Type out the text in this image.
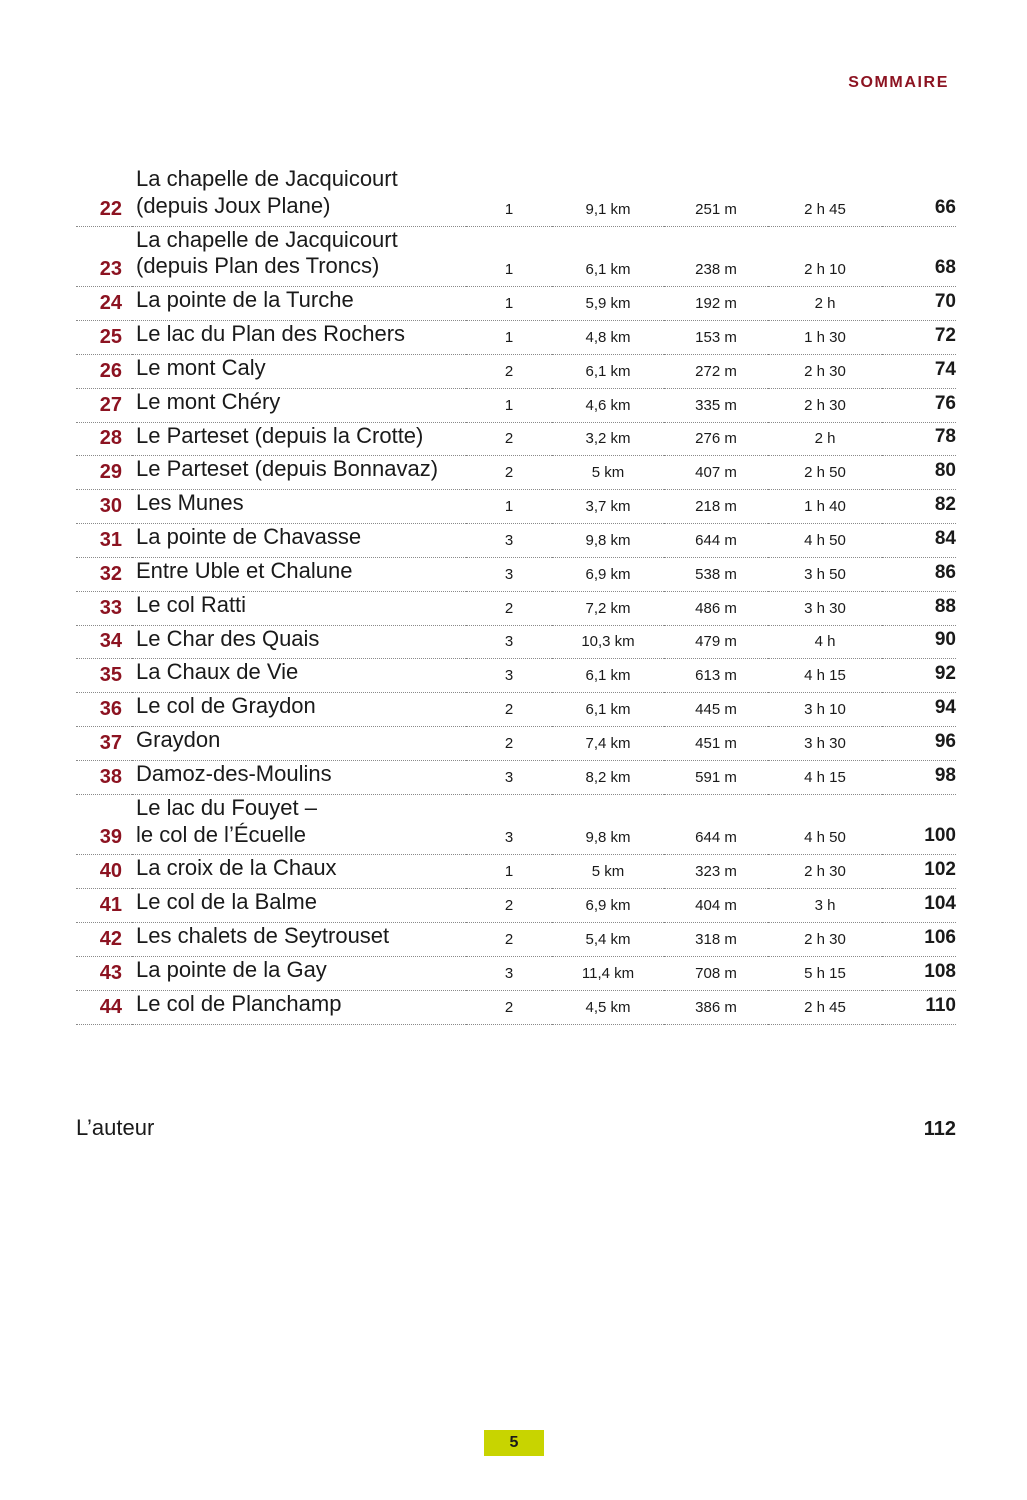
SOMMAIRE
22	La chapelle de Jacquicourt
(depuis Joux Plane)	1	9,1 km	251 m	2 h 45	66
23	La chapelle de Jacquicourt
(depuis Plan des Troncs)	1	6,1 km	238 m	2 h 10	68
24	La pointe de la Turche	1	5,9 km	192 m	2 h	70
25	Le lac du Plan des Rochers	1	4,8 km	153 m	1 h 30	72
26	Le mont Caly	2	6,1 km	272 m	2 h 30	74
27	Le mont Chéry	1	4,6 km	335 m	2 h 30	76
28	Le Parteset (depuis la Crotte)	2	3,2 km	276 m	2 h	78
29	Le Parteset (depuis Bonnavaz)	2	5 km	407 m	2 h 50	80
30	Les Munes	1	3,7 km	218 m	1 h 40	82
31	La pointe de Chavasse	3	9,8 km	644 m	4 h 50	84
32	Entre Uble et Chalune	3	6,9 km	538 m	3 h 50	86
33	Le col Ratti	2	7,2 km	486 m	3 h 30	88
34	Le Char des Quais	3	10,3 km	479 m	4 h	90
35	La Chaux de Vie	3	6,1 km	613 m	4 h 15	92
36	Le col de Graydon	2	6,1 km	445 m	3 h 10	94
37	Graydon	2	7,4 km	451 m	3 h 30	96
38	Damoz-des-Moulins	3	8,2 km	591 m	4 h 15	98
39	Le lac du Fouyet –
le col de l’Écuelle	3	9,8 km	644 m	4 h 50	100
40	La croix de la Chaux	1	5 km	323 m	2 h 30	102
41	Le col de la Balme	2	6,9 km	404 m	3 h	104
42	Les chalets de Seytrouset	2	5,4 km	318 m	2 h 30	106
43	La pointe de la Gay	3	11,4 km	708 m	5 h 15	108
44	Le col de Planchamp	2	4,5 km	386 m	2 h 45	110
L’auteur	112
5
